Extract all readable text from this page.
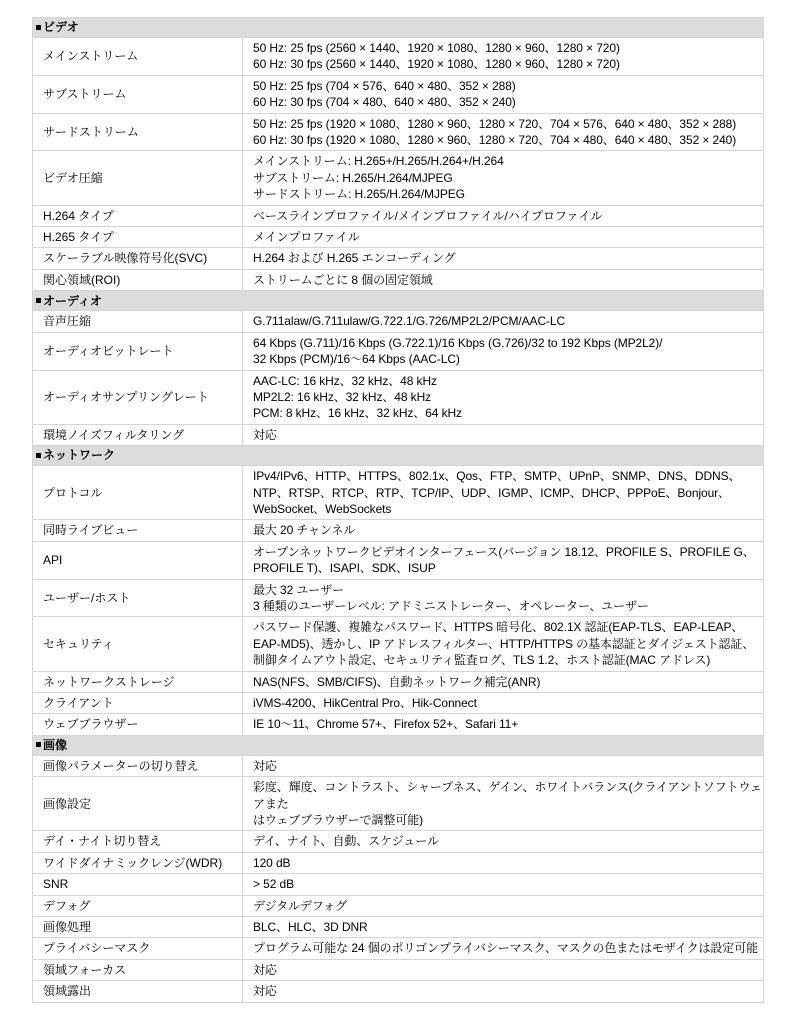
ビデオ	
メインストリーム	50 Hz: 25 fps (2560 × 1440、1920 × 1080、1280 × 960、1280 × 720)
60 Hz: 30 fps (2560 × 1440、1920 × 1080、1280 × 960、1280 × 720)
サブストリーム	50 Hz: 25 fps (704 × 576、640 × 480、352 × 288)
60 Hz: 30 fps (704 × 480、640 × 480、352 × 240)
サードストリーム	50 Hz: 25 fps (1920 × 1080、1280 × 960、1280 × 720、704 × 576、640 × 480、352 × 288)
60 Hz: 30 fps (1920 × 1080、1280 × 960、1280 × 720、704 × 480、640 × 480、352 × 240)
ビデオ圧縮	メインストリーム: H.265+/H.265/H.264+/H.264
サブストリーム: H.265/H.264/MJPEG
サードストリーム: H.265/H.264/MJPEG
H.264 タイプ	ベースラインプロファイル/メインプロファイル/ハイプロファイル
H.265 タイプ	メインプロファイル
スケーラブル映像符号化(SVC)	H.264 および H.265 エンコーディング
関心領域(ROI)	ストリームごとに 8 個の固定領域
オーディオ	
音声圧縮	G.711alaw/G.711ulaw/G.722.1/G.726/MP2L2/PCM/AAC-LC
オーディオビットレート	64 Kbps (G.711)/16 Kbps (G.722.1)/16 Kbps (G.726)/32 to 192 Kbps (MP2L2)/
32 Kbps (PCM)/16～64 Kbps (AAC-LC)
オーディオサンプリングレート	AAC-LC: 16 kHz、32 kHz、48 kHz
MP2L2: 16 kHz、32 kHz、48 kHz
PCM: 8 kHz、16 kHz、32 kHz、64 kHz
環境ノイズフィルタリング	対応
ネットワーク	
プロトコル	IPv4/IPv6、HTTP、HTTPS、802.1x、Qos、FTP、SMTP、UPnP、SNMP、DNS、DDNS、
NTP、RTSP、RTCP、RTP、TCP/IP、UDP、IGMP、ICMP、DHCP、PPPoE、Bonjour、
WebSocket、WebSockets
同時ライブビュー	最大 20 チャンネル
API	オープンネットワークビデオインターフェース(バージョン 18.12、PROFILE S、PROFILE G、
PROFILE T)、ISAPI、SDK、ISUP
ユーザー/ホスト	最大 32 ユーザー
3 種類のユーザーレベル: アドミニストレーター、オペレーター、ユーザー
セキュリティ	パスワード保護、複雑なパスワード、HTTPS 暗号化、802.1X 認証(EAP-TLS、EAP-LEAP、
EAP-MD5)、透かし、IP アドレスフィルター、HTTP/HTTPS の基本認証とダイジェスト認証、
制御タイムアウト設定、セキュリティ監査ログ、TLS 1.2、ホスト認証(MAC アドレス)
ネットワークストレージ	NAS(NFS、SMB/CIFS)、自動ネットワーク補完(ANR)
クライアント	iVMS-4200、HikCentral Pro、Hik-Connect
ウェブブラウザー	IE 10～11、Chrome 57+、Firefox 52+、Safari 11+
画像	
画像パラメーターの切り替え	対応
画像設定	彩度、輝度、コントラスト、シャープネス、ゲイン、ホワイトバランス(クライアントソフトウェアまた
はウェブブラウザーで調整可能)
デイ・ナイト切り替え	デイ、ナイト、自動、スケジュール
ワイドダイナミックレンジ(WDR)	120 dB
SNR	> 52 dB
デフォグ	デジタルデフォグ
画像処理	BLC、HLC、3D DNR
プライバシーマスク	プログラム可能な 24 個のポリゴンプライバシーマスク、マスクの色またはモザイクは設定可能
領域フォーカス	対応
領域露出	対応
